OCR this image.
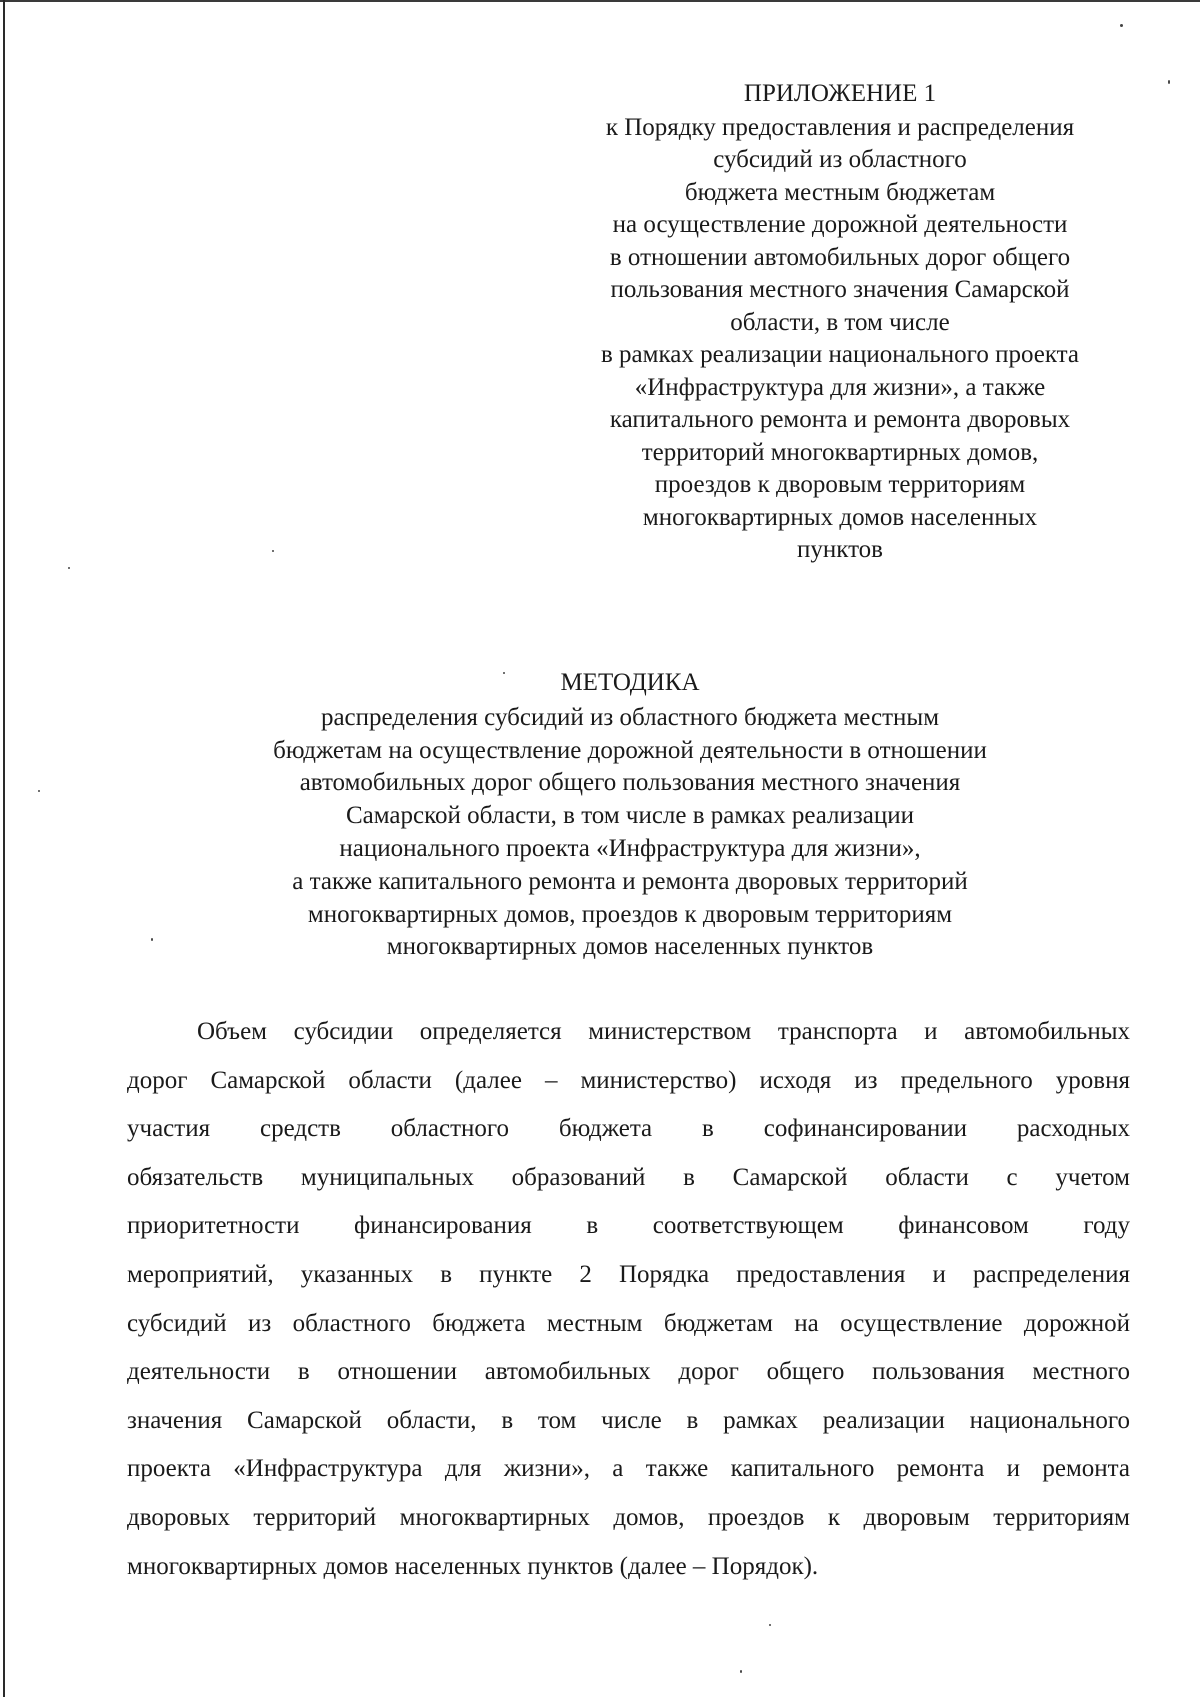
ПРИЛОЖЕНИЕ 1
к Порядку предоставления и распределения
субсидий из областного
бюджета местным бюджетам
на осуществление дорожной деятельности
в отношении автомобильных дорог общего
пользования местного значения Самарской
области, в том числе
в рамках реализации национального проекта
«Инфраструктура для жизни», а также
капитального ремонта и ремонта дворовых
территорий многоквартирных домов,
проездов к дворовым территориям
многоквартирных домов населенных
пунктов
МЕТОДИКА
распределения субсидий из областного бюджета местным
бюджетам на осуществление дорожной деятельности в отношении
автомобильных дорог общего пользования местного значения
Самарской области, в том числе в рамках реализации
национального проекта «Инфраструктура для жизни»,
а также капитального ремонта и ремонта дворовых территорий
многоквартирных домов, проездов к дворовым территориям
многоквартирных домов населенных пунктов
Объем субсидии определяется министерством транспорта и автомобильных
дорог Самарской области (далее – министерство) исходя из предельного уровня
участия средств областного бюджета в софинансировании расходных
обязательств муниципальных образований в Самарской области с учетом
приоритетности финансирования в соответствующем финансовом году
мероприятий, указанных в пункте 2 Порядка предоставления и распределения
субсидий из областного бюджета местным бюджетам на осуществление дорожной
деятельности в отношении автомобильных дорог общего пользования местного
значения Самарской области, в том числе в рамках реализации национального
проекта «Инфраструктура для жизни», а также капитального ремонта и ремонта
дворовых территорий многоквартирных домов, проездов к дворовым территориям
многоквартирных домов населенных пунктов (далее – Порядок).
